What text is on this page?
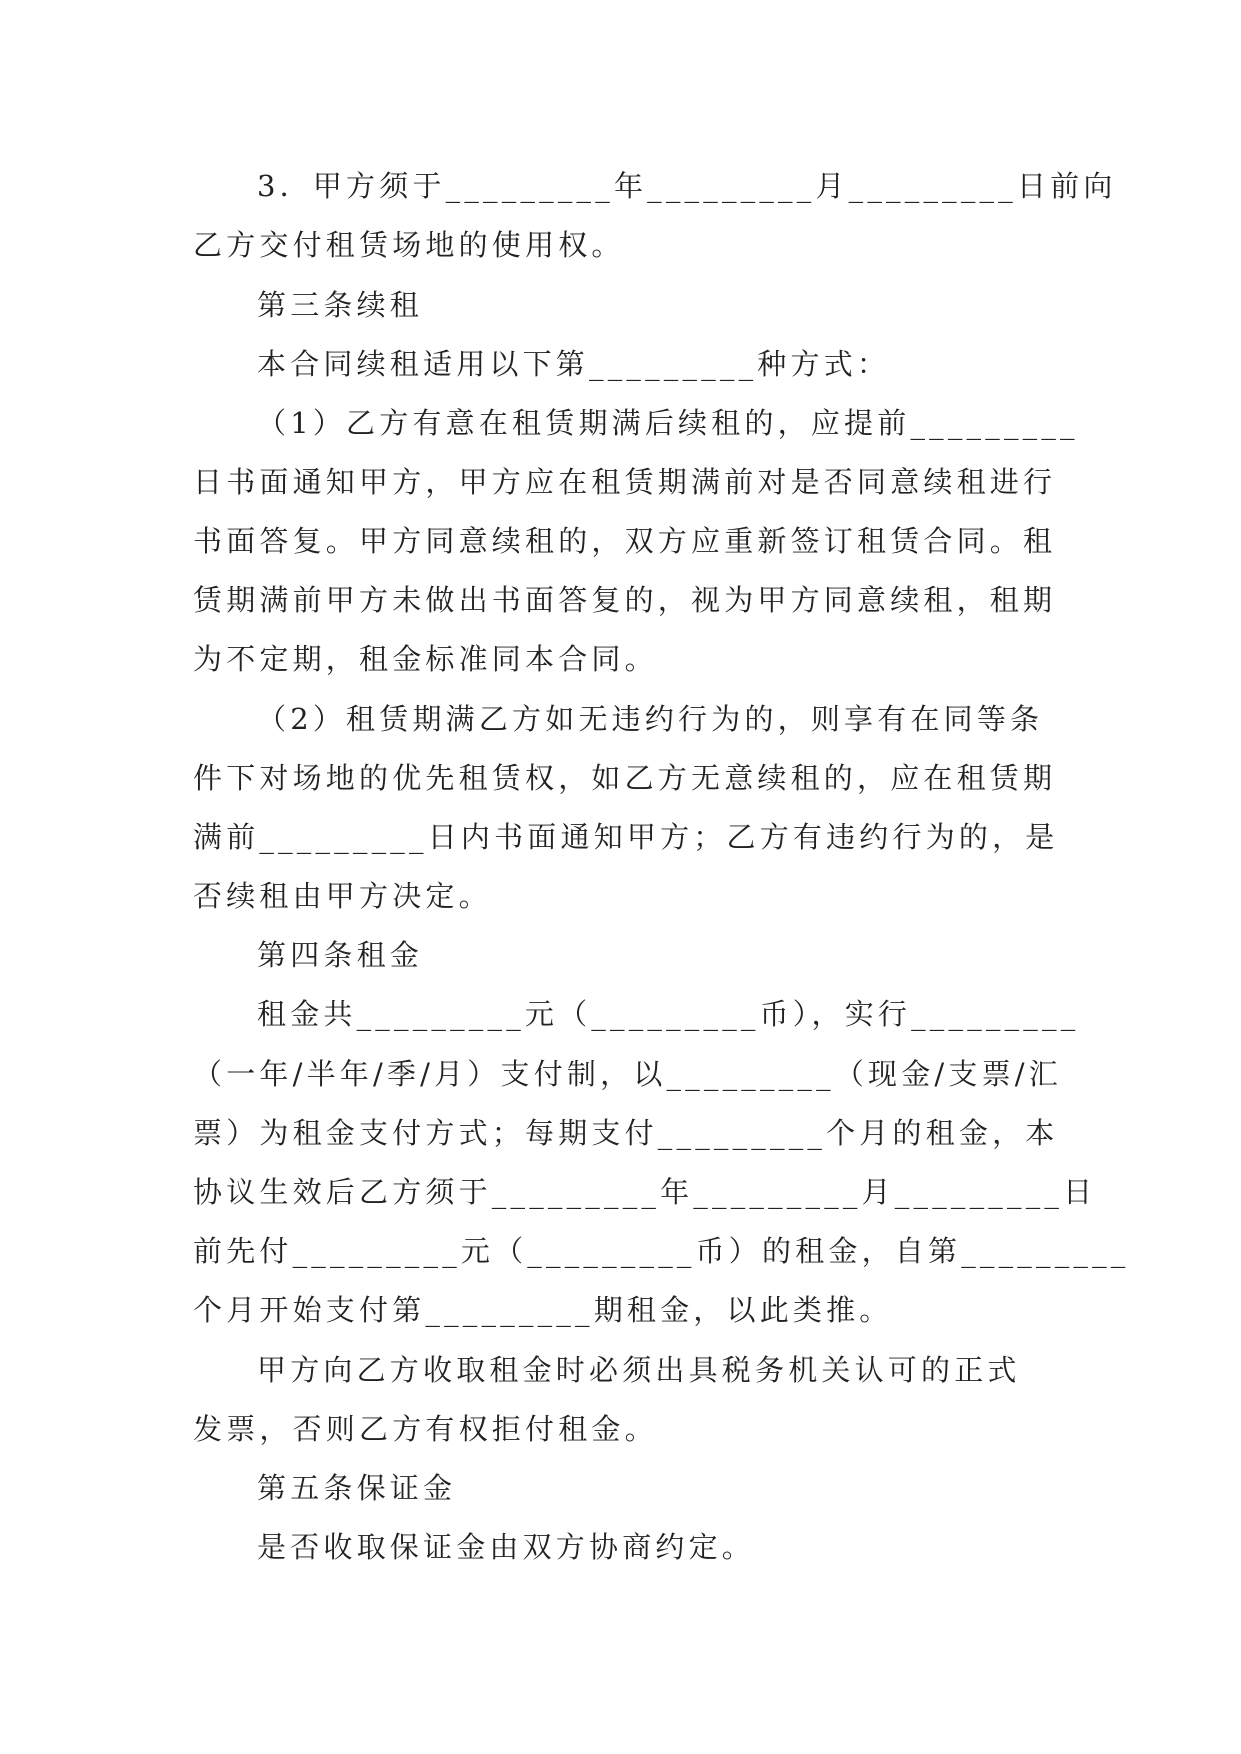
3．甲方须于_________年_________月_________日前向
乙方交付租赁场地的使用权。
第三条续租
本合同续租适用以下第_________种方式：
（1）乙方有意在租赁期满后续租的，应提前_________
日书面通知甲方，甲方应在租赁期满前对是否同意续租进行
书面答复。甲方同意续租的，双方应重新签订租赁合同。租
赁期满前甲方未做出书面答复的，视为甲方同意续租，租期
为不定期，租金标准同本合同。
（2）租赁期满乙方如无违约行为的，则享有在同等条
件下对场地的优先租赁权，如乙方无意续租的，应在租赁期
满前_________日内书面通知甲方；乙方有违约行为的，是
否续租由甲方决定。
第四条租金
租金共_________元（_________币），实行_________
（一年/半年/季/月）支付制，以_________（现金/支票/汇
票）为租金支付方式；每期支付_________个月的租金，本
协议生效后乙方须于_________年_________月_________日
前先付_________元（_________币）的租金，自第_________
个月开始支付第_________期租金，以此类推。
甲方向乙方收取租金时必须出具税务机关认可的正式
发票，否则乙方有权拒付租金。
第五条保证金
是否收取保证金由双方协商约定。
